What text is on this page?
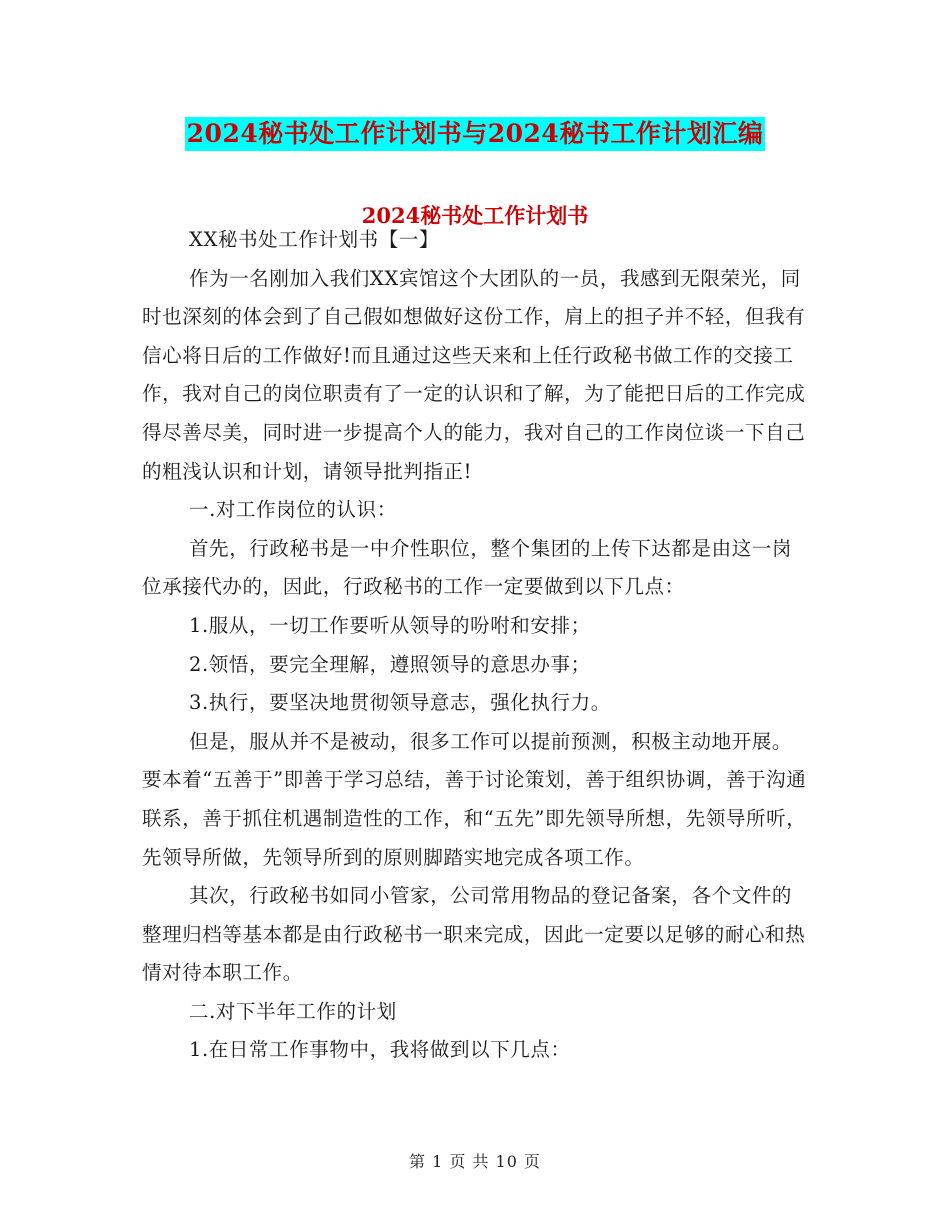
2024秘书处工作计划书与2024秘书工作计划汇编
2024秘书处工作计划书

XX秘书处工作计划书【一】

作为一名刚加入我们XX宾馆这个大团队的一员，我感到无限荣光，同时也深刻的体会到了自己假如想做好这份工作，肩上的担子并不轻，但我有信心将日后的工作做好!而且通过这些天来和上任行政秘书做工作的交接工作，我对自己的岗位职责有了一定的认识和了解，为了能把日后的工作完成得尽善尽美，同时进一步提高个人的能力，我对自己的工作岗位谈一下自己的粗浅认识和计划，请领导批判指正!

一.对工作岗位的认识：

首先，行政秘书是一中介性职位，整个集团的上传下达都是由这一岗位承接代办的，因此，行政秘书的工作一定要做到以下几点：

1.服从，一切工作要听从领导的吩咐和安排；

2.领悟，要完全理解，遵照领导的意思办事；

3.执行，要坚决地贯彻领导意志，强化执行力。

但是，服从并不是被动，很多工作可以提前预测，积极主动地开展。要本着“五善于”即善于学习总结，善于讨论策划，善于组织协调，善于沟通联系，善于抓住机遇制造性的工作，和“五先”即先领导所想，先领导所听，先领导所做，先领导所到的原则脚踏实地完成各项工作。

其次，行政秘书如同小管家，公司常用物品的登记备案，各个文件的整理归档等基本都是由行政秘书一职来完成，因此一定要以足够的耐心和热情对待本职工作。

二.对下半年工作的计划

1.在日常工作事物中，我将做到以下几点：

第 1 页 共 10 页
